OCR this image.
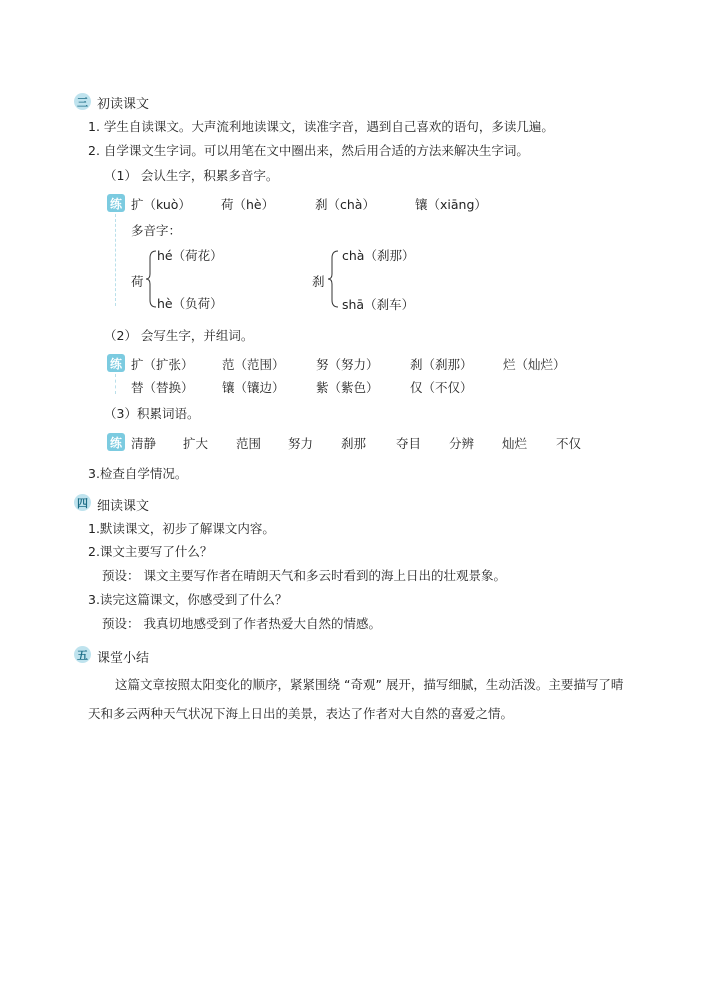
三 初读课文
1. 学生自读课文。大声流利地读课文，读准字音，遇到自己喜欢的语句，多读几遍。
2. 自学课文生字词。可以用笔在文中圈出来，然后用合适的方法来解决生字词。
（1） 会认生字，积累多音字。
练 扩（kuò） 荷（hè）	刹（chà）	镶（xiāng）
多音字：
荷
hé（荷花）
hè（负荷）
刹
chà（刹那）
shā（刹车）
（2） 会写生字，并组词。
练 扩（扩张） 范（范围）	努（努力）	刹（刹那） 烂（灿烂）
替（替换） 镶（镶边）	紫（紫色）	仅（不仅）
（3）积累词语。
练 清静 扩大 范围 努力 刹那 夺目 分辨 灿烂 不仅
3.检查自学情况。
四 细读课文
1.默读课文，初步了解课文内容。
2.课文主要写了什么？
预设： 课文主要写作者在晴朗天气和多云时看到的海上日出的壮观景象。
3.读完这篇课文，你感受到了什么？
预设： 我真切地感受到了作者热爱大自然的情感。
五 课堂小结
这篇文章按照太阳变化的顺序，紧紧围绕 “奇观” 展开，描写细腻，生动活泼。主要描写了晴
天和多云两种天气状况下海上日出的美景，表达了作者对大自然的喜爱之情。
